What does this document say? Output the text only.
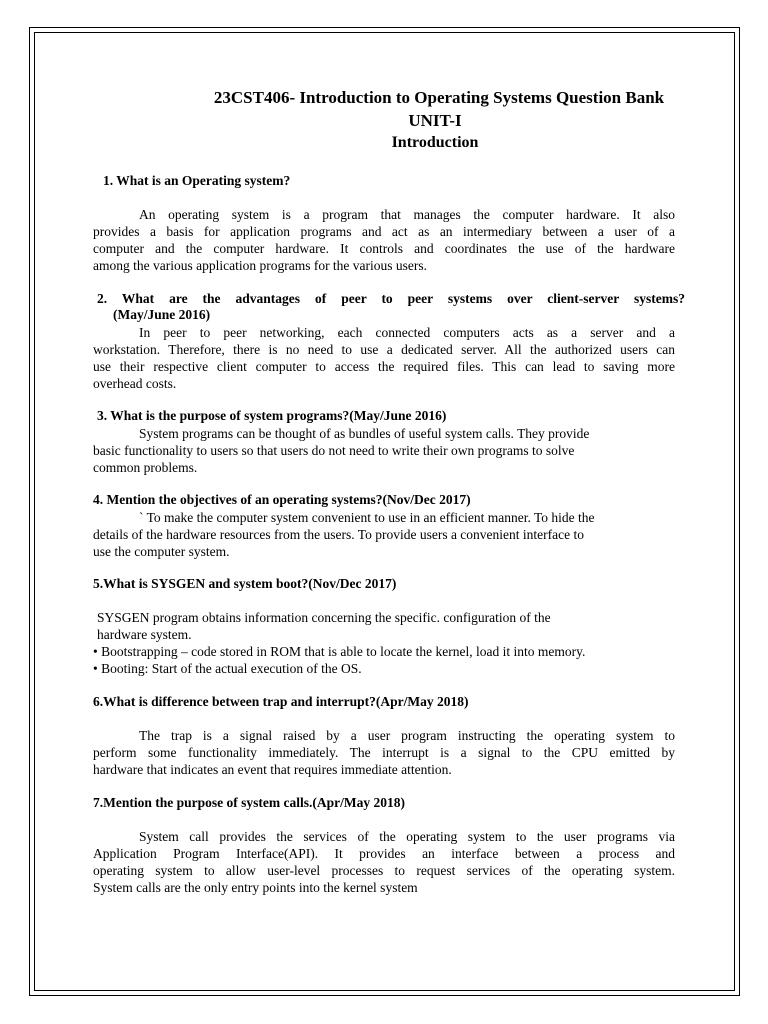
23CST406- Introduction to Operating Systems Question Bank
UNIT-I
Introduction
1. What is an Operating system?
An operating system is a program that manages the computer hardware. It also
provides a basis for application programs and act as an intermediary between a user of a
computer and the computer hardware. It controls and coordinates the use of the hardware
among the various application programs for the various users.
2. What are the advantages of peer to peer systems over client-server systems?
(May/June 2016)
In peer to peer networking, each connected computers acts as a server and a
workstation. Therefore, there is no need to use a dedicated server. All the authorized users can
use their respective client computer to access the required files. This can lead to saving more
overhead costs.
3. What is the purpose of system programs?(May/June 2016)
System programs can be thought of as bundles of useful system calls. They provide
basic functionality to users so that users do not need to write their own programs to solve
common problems.
4. Mention the objectives of an operating systems?(Nov/Dec 2017)
` To make the computer system convenient to use in an efficient manner. To hide the
details of the hardware resources from the users. To provide users a convenient interface to
use the computer system.
5.What is SYSGEN and system boot?(Nov/Dec 2017)
SYSGEN program obtains information concerning the specific. configuration of the
hardware system.
• Bootstrapping – code stored in ROM that is able to locate the kernel, load it into memory.
• Booting: Start of the actual execution of the OS.
6.What is difference between trap and interrupt?(Apr/May 2018)
The trap is a signal raised by a user program instructing the operating system to
perform some functionality immediately. The interrupt is a signal to the CPU emitted by
hardware that indicates an event that requires immediate attention.
7.Mention the purpose of system calls.(Apr/May 2018)
System call provides the services of the operating system to the user programs via
Application Program Interface(API). It provides an interface between a process and
operating system to allow user-level processes to request services of the operating system.
System calls are the only entry points into the kernel system
